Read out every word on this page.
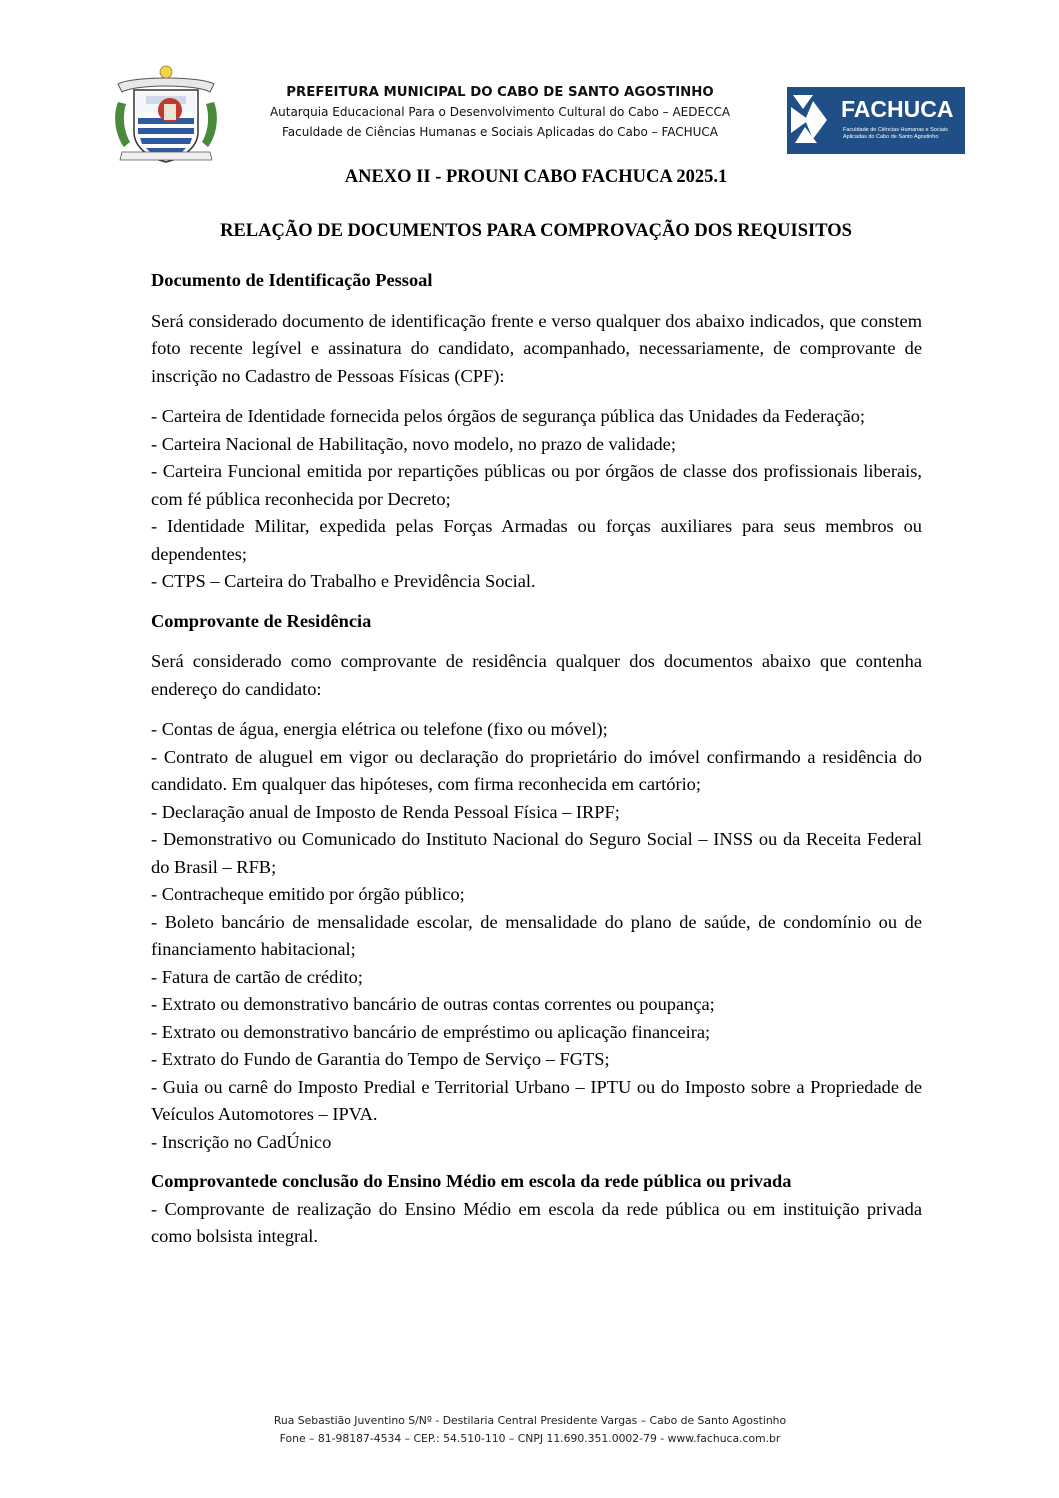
PREFEITURA MUNICIPAL DO CABO DE SANTO AGOSTINHO
Autarquia Educacional Para o Desenvolvimento Cultural do Cabo – AEDECCA
Faculdade de Ciências Humanas e Sociais Aplicadas do Cabo – FACHUCA
FACHUCA
Faculdade de Ciências Humanas e Sociais
Aplicadas do Cabo de Santo Agostinho
ANEXO II - PROUNI CABO FACHUCA 2025.1
RELAÇÃO DE DOCUMENTOS PARA COMPROVAÇÃO DOS REQUISITOS
Documento de Identificação Pessoal

Será considerado documento de identificação frente e verso qualquer dos abaixo indicados, que constem foto recente legível e assinatura do candidato, acompanhado, necessariamente, de comprovante de inscrição no Cadastro de Pessoas Físicas (CPF):

- Carteira de Identidade fornecida pelos órgãos de segurança pública das Unidades da Federação;
- Carteira Nacional de Habilitação, novo modelo, no prazo de validade;
- Carteira Funcional emitida por repartições públicas ou por órgãos de classe dos profissionais liberais, com fé pública reconhecida por Decreto;
- Identidade Militar, expedida pelas Forças Armadas ou forças auxiliares para seus membros ou dependentes;
- CTPS – Carteira do Trabalho e Previdência Social.
Comprovante de Residência

Será considerado como comprovante de residência qualquer dos documentos abaixo que contenha endereço do candidato:

- Contas de água, energia elétrica ou telefone (fixo ou móvel);
- Contrato de aluguel em vigor ou declaração do proprietário do imóvel confirmando a residência do candidato. Em qualquer das hipóteses, com firma reconhecida em cartório;
- Declaração anual de Imposto de Renda Pessoal Física – IRPF;
- Demonstrativo ou Comunicado do Instituto Nacional do Seguro Social – INSS ou da Receita Federal do Brasil – RFB;
- Contracheque emitido por órgão público;
- Boleto bancário de mensalidade escolar, de mensalidade do plano de saúde, de condomínio ou de financiamento habitacional;
- Fatura de cartão de crédito;
- Extrato ou demonstrativo bancário de outras contas correntes ou poupança;
- Extrato ou demonstrativo bancário de empréstimo ou aplicação financeira;
- Extrato do Fundo de Garantia do Tempo de Serviço – FGTS;
- Guia ou carnê do Imposto Predial e Territorial Urbano – IPTU ou do Imposto sobre a Propriedade de Veículos Automotores – IPVA.
- Inscrição no CadÚnico
Comprovantede conclusão do Ensino Médio em escola da rede pública ou privada
- Comprovante de realização do Ensino Médio em escola da rede pública ou em instituição privada como bolsista integral.
Rua Sebastião Juventino S/Nº - Destilaria Central Presidente Vargas – Cabo de Santo Agostinho
Fone – 81-98187-4534 – CEP.: 54.510-110 – CNPJ 11.690.351.0002-79 - www.fachuca.com.br
